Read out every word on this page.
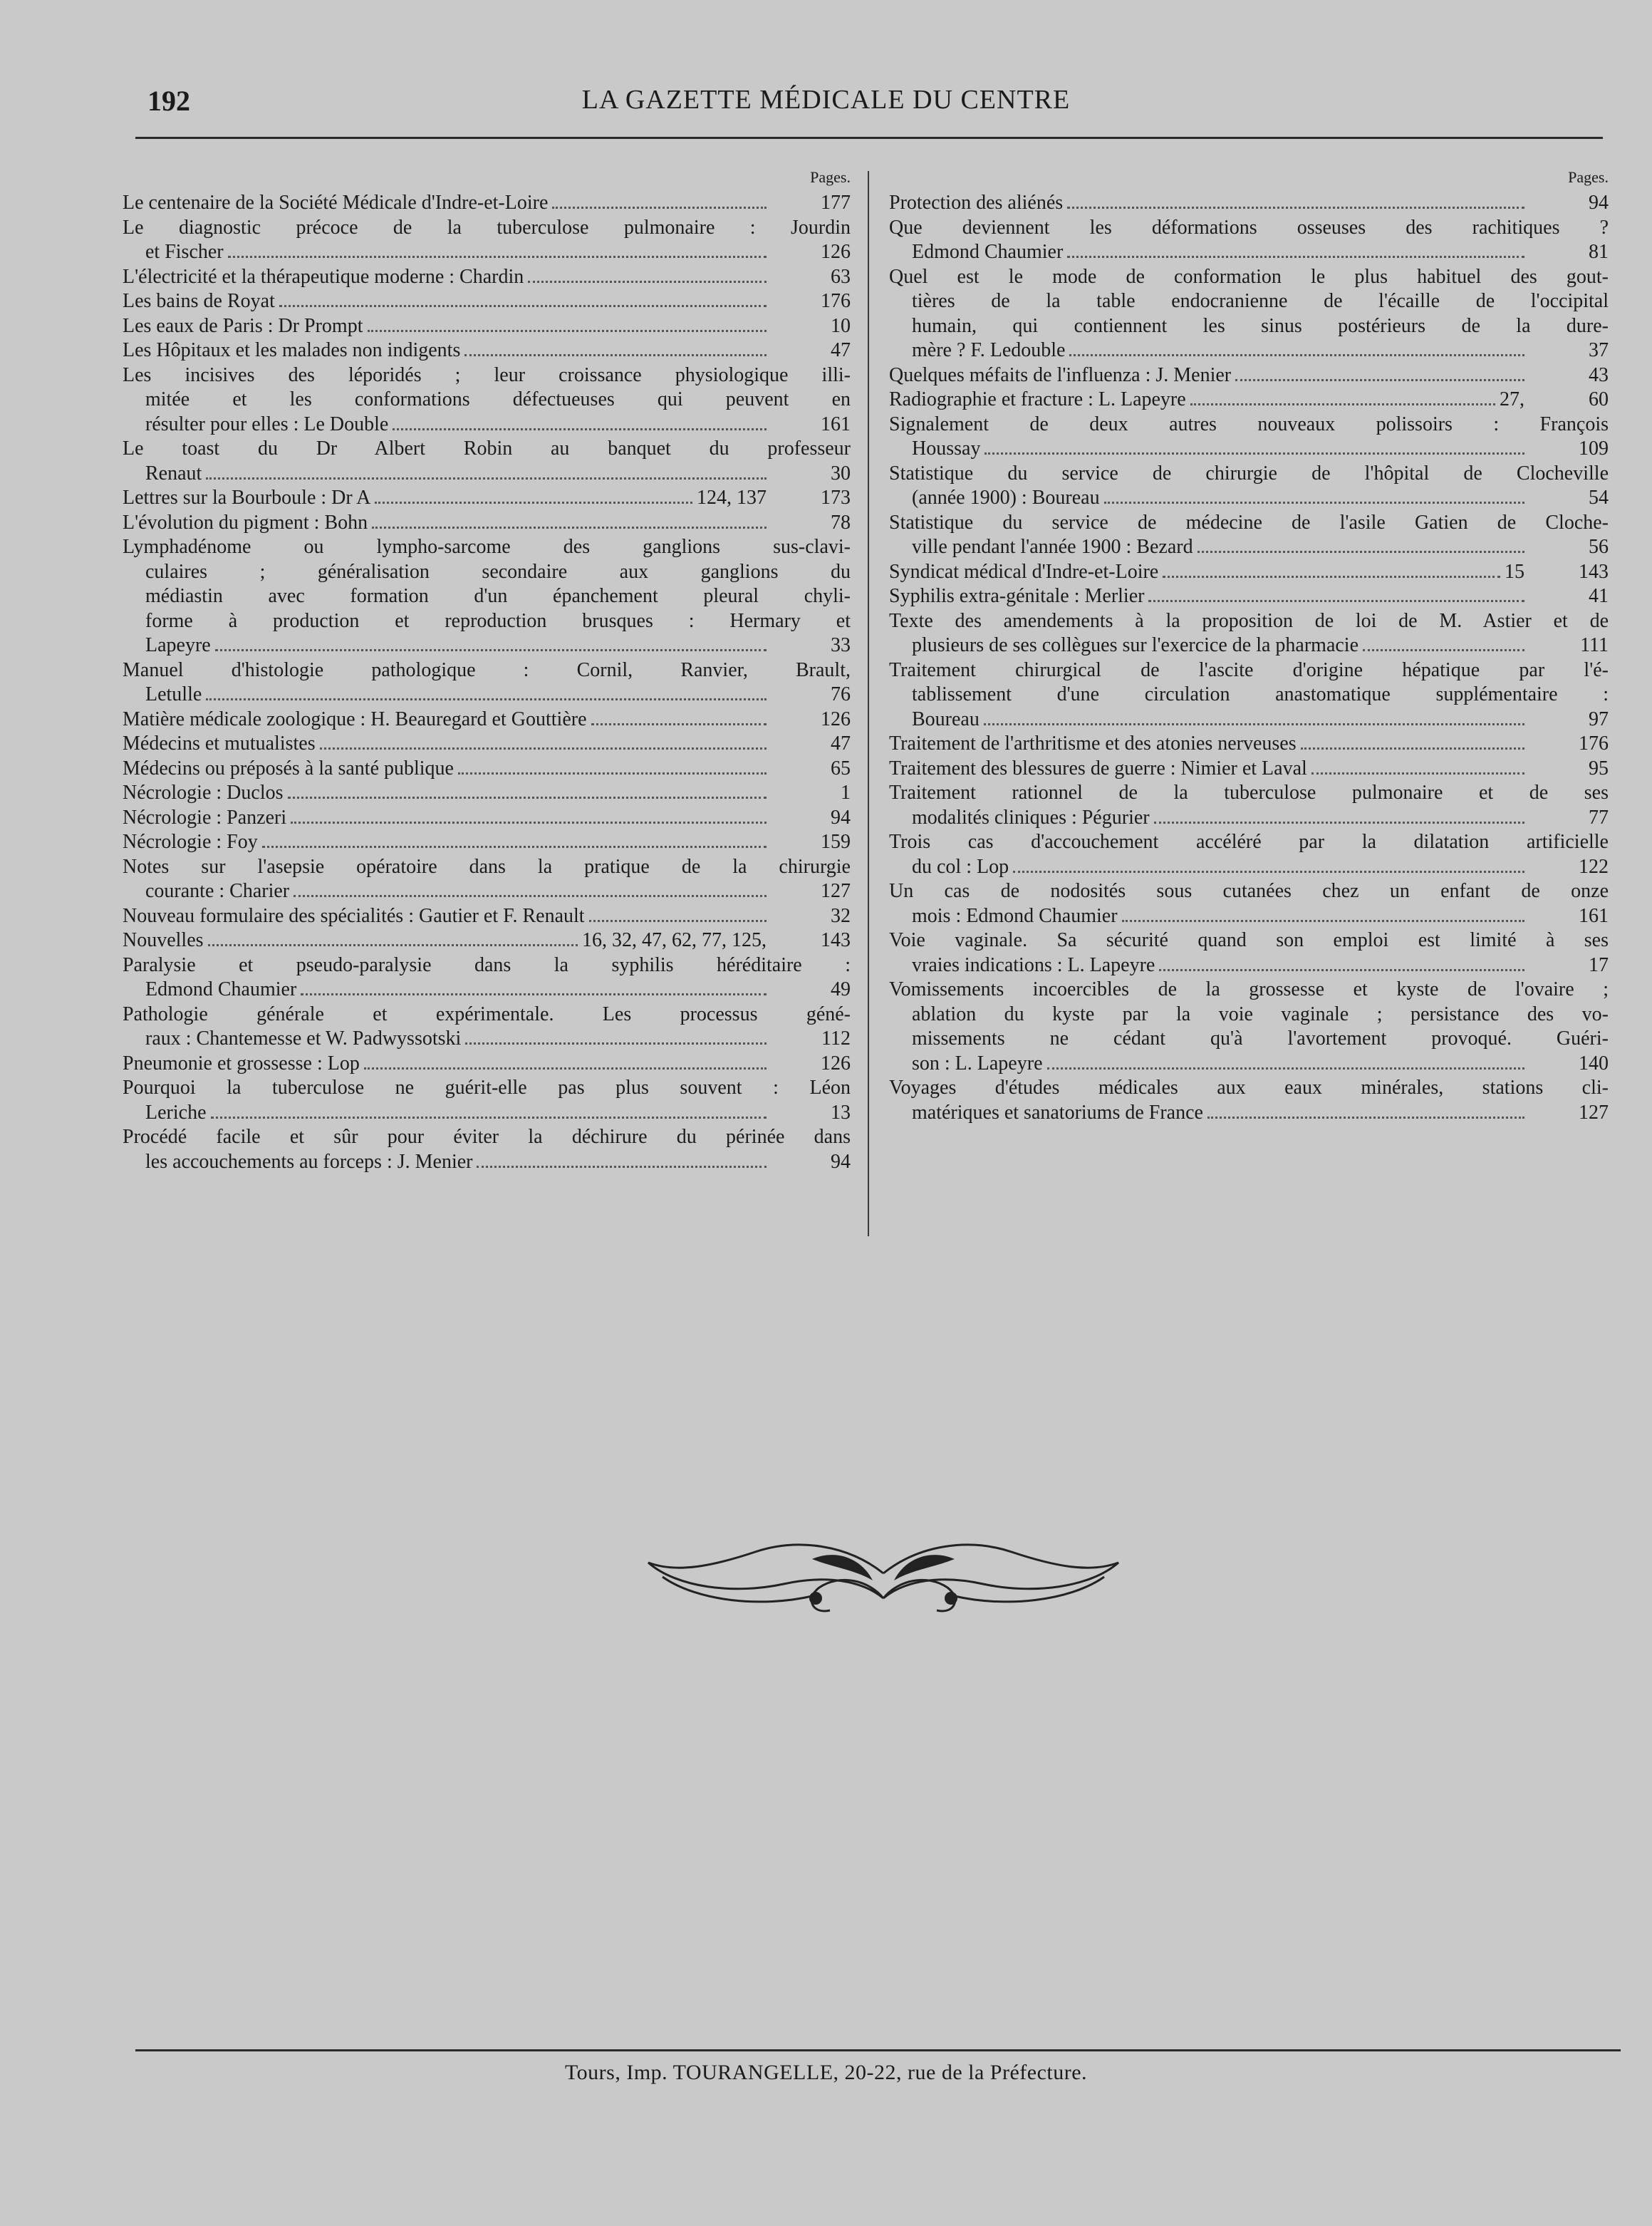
192	LA GAZETTE MÉDICALE DU CENTRE
Pages.
Le centenaire de la Société Médicale d'Indre-et-Loire	177
Le diagnostic précoce de la tuberculose pulmonaire : Jourdin
et Fischer	126
L'électricité et la thérapeutique moderne : Chardin	63
Les bains de Royat	176
Les eaux de Paris : Dr Prompt	10
Les Hôpitaux et les malades non indigents	47
Les incisives des léporidés ; leur croissance physiologique illi-
mitée et les conformations défectueuses qui peuvent en
résulter pour elles : Le Double	161
Le toast du Dr Albert Robin au banquet du professeur
Renaut	30
Lettres sur la Bourboule : Dr A	124, 137	173
L'évolution du pigment : Bohn	78
Lymphadénome ou lympho-sarcome des ganglions sus-clavi-
culaires ; généralisation secondaire aux ganglions du
médiastin avec formation d'un épanchement pleural chyli-
forme à production et reproduction brusques : Hermary et
Lapeyre	33
Manuel d'histologie pathologique : Cornil, Ranvier, Brault,
Letulle	76
Matière médicale zoologique : H. Beauregard et Gouttière	126
Médecins et mutualistes	47
Médecins ou préposés à la santé publique	65
Nécrologie : Duclos	1
Nécrologie : Panzeri	94
Nécrologie : Foy	159
Notes sur l'asepsie opératoire dans la pratique de la chirurgie
courante : Charier	127
Nouveau formulaire des spécialités : Gautier et F. Renault	32
Nouvelles	16, 32, 47, 62, 77, 125,	143
Paralysie et pseudo-paralysie dans la syphilis héréditaire :
Edmond Chaumier	49
Pathologie générale et expérimentale. Les processus géné-
raux : Chantemesse et W. Padwyssotski	112
Pneumonie et grossesse : Lop	126
Pourquoi la tuberculose ne guérit-elle pas plus souvent : Léon
Leriche	13
Procédé facile et sûr pour éviter la déchirure du périnée dans
les accouchements au forceps : J. Menier	94
Pages.
Protection des aliénés	94
Que deviennent les déformations osseuses des rachitiques ?
Edmond Chaumier	81
Quel est le mode de conformation le plus habituel des gout-
tières de la table endocranienne de l'écaille de l'occipital
humain, qui contiennent les sinus postérieurs de la dure-
mère ? F. Ledouble	37
Quelques méfaits de l'influenza : J. Menier	43
Radiographie et fracture : L. Lapeyre	27,	60
Signalement de deux autres nouveaux polissoirs : François
Houssay	109
Statistique du service de chirurgie de l'hôpital de Clocheville
(année 1900) : Boureau	54
Statistique du service de médecine de l'asile Gatien de Cloche-
ville pendant l'année 1900 : Bezard	56
Syndicat médical d'Indre-et-Loire	15	143
Syphilis extra-génitale : Merlier	41
Texte des amendements à la proposition de loi de M. Astier et de
plusieurs de ses collègues sur l'exercice de la pharmacie	111
Traitement chirurgical de l'ascite d'origine hépatique par l'é-
tablissement d'une circulation anastomatique supplémentaire :
Boureau	97
Traitement de l'arthritisme et des atonies nerveuses	176
Traitement des blessures de guerre : Nimier et Laval	95
Traitement rationnel de la tuberculose pulmonaire et de ses
modalités cliniques : Pégurier	77
Trois cas d'accouchement accéléré par la dilatation artificielle
du col : Lop	122
Un cas de nodosités sous cutanées chez un enfant de onze
mois : Edmond Chaumier	161
Voie vaginale. Sa sécurité quand son emploi est limité à ses
vraies indications : L. Lapeyre	17
Vomissements incoercibles de la grossesse et kyste de l'ovaire ;
ablation du kyste par la voie vaginale ; persistance des vo-
missements ne cédant qu'à l'avortement provoqué. Guéri-
son : L. Lapeyre	140
Voyages d'études médicales aux eaux minérales, stations cli-
matériques et sanatoriums de France	127
Tours, Imp. TOURANGELLE, 20-22, rue de la Préfecture.
